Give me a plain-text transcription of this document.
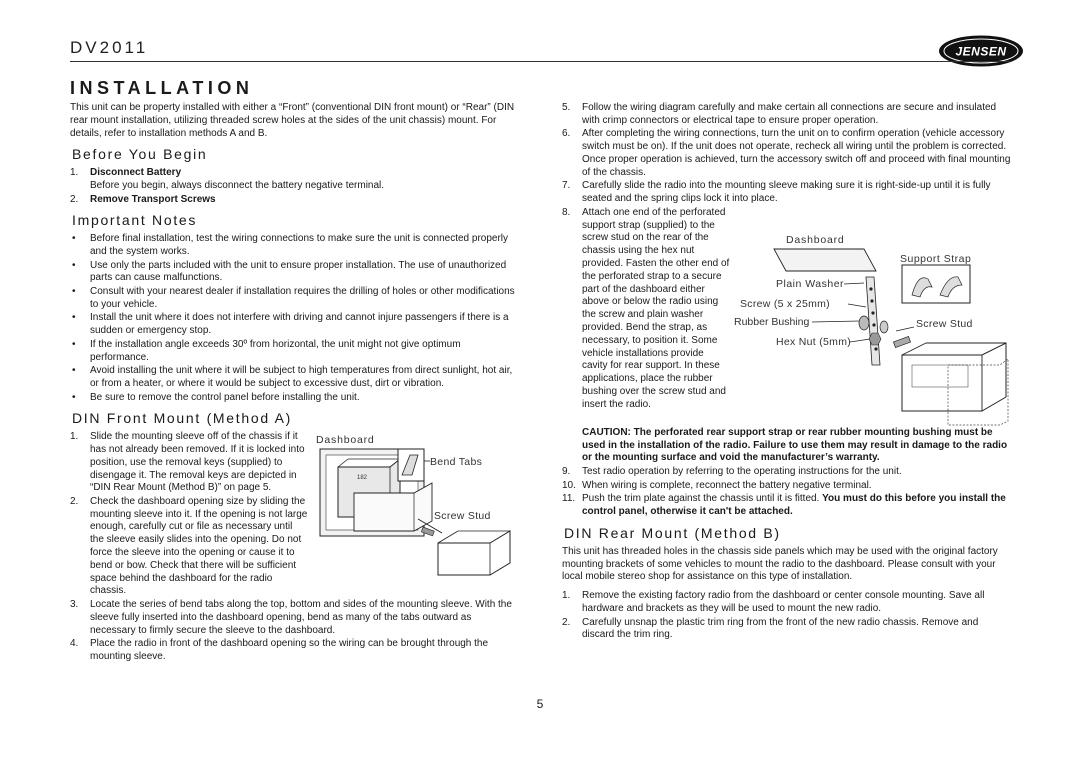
DV2011	JENSEN
INSTALLATION

This unit can be property installed with either a “Front” (conventional DIN front mount) or “Rear” (DIN rear mount installation, utilizing threaded screw holes at the sides of the unit chassis) mount. For details, refer to installation methods A and B.

Before You Begin
1. Disconnect Battery
Before you begin, always disconnect the battery negative terminal.
2. Remove Transport Screws
Important Notes
• Before final installation, test the wiring connections to make sure the unit is connected properly and the system works.
• Use only the parts included with the unit to ensure proper installation. The use of unauthorized parts can cause malfunctions.
• Consult with your nearest dealer if installation requires the drilling of holes or other modifications to your vehicle.
• Install the unit where it does not interfere with driving and cannot injure passengers if there is a sudden or emergency stop.
• If the installation angle exceeds 30º from horizontal, the unit might not give optimum performance.
• Avoid installing the unit where it will be subject to high temperatures from direct sunlight, hot air, or from a heater, or where it would be subject to excessive dust, dirt or vibration.
• Be sure to remove the control panel before installing the unit.
DIN Front Mount (Method A)
Dashboard
182
Bend Tabs
Screw Stud
1. Slide the mounting sleeve off of the chassis if it has not already been removed. If it is locked into position, use the removal keys (supplied) to disengage it. The removal keys are depicted in “DIN Rear Mount (Method B)” on page 5.
2. Check the dashboard opening size by sliding the mounting sleeve into it. If the opening is not large enough, carefully cut or file as necessary until the sleeve easily slides into the opening. Do not force the sleeve into the opening or cause it to bend or bow. Check that there will be sufficient space behind the dashboard for the radio chassis.
3. Locate the series of bend tabs along the top, bottom and sides of the mounting sleeve. With the sleeve fully inserted into the dashboard opening, bend as many of the tabs outward as necessary to firmly secure the sleeve to the dashboard.
4. Place the radio in front of the dashboard opening so the wiring can be brought through the mounting sleeve.
5. Follow the wiring diagram carefully and make certain all connections are secure and insulated with crimp connectors or electrical tape to ensure proper operation.
6. After completing the wiring connections, turn the unit on to confirm operation (vehicle accessory switch must be on). If the unit does not operate, recheck all wiring until the problem is corrected. Once proper operation is achieved, turn the accessory switch off and proceed with final mounting of the chassis.
7. Carefully slide the radio into the mounting sleeve making sure it is right-side-up until it is fully seated and the spring clips lock it into place.
8.
Dashboard
Support Strap
Plain Washer
Screw (5 x 25mm)
Rubber Bushing	Screw Stud
Hex Nut (5mm)
Attach one end of the perforated support strap (supplied) to the screw stud on the rear of the chassis using the hex nut provided. Fasten the other end of the perforated strap to a secure part of the dashboard either above or below the radio using the screw and plain washer provided. Bend the strap, as necessary, to position it. Some vehicle installations provide cavity for rear support. In these applications, place the rubber bushing over the screw stud and insert the radio.

CAUTION: The perforated rear support strap or rear rubber mounting bushing must be used in the installation of the radio. Failure to use them may result in damage to the radio or the mounting surface and void the manufacturer’s warranty.

9. Test radio operation by referring to the operating instructions for the unit.
10. When wiring is complete, reconnect the battery negative terminal.
11. Push the trim plate against the chassis until it is fitted. You must do this before you install the control panel, otherwise it can't be attached.
DIN Rear Mount (Method B)

This unit has threaded holes in the chassis side panels which may be used with the original factory mounting brackets of some vehicles to mount the radio to the dashboard. Please consult with your local mobile stereo shop for assistance on this type of installation.

1. Remove the existing factory radio from the dashboard or center console mounting. Save all hardware and brackets as they will be used to mount the new radio.
2. Carefully unsnap the plastic trim ring from the front of the new radio chassis. Remove and discard the trim ring.
5
